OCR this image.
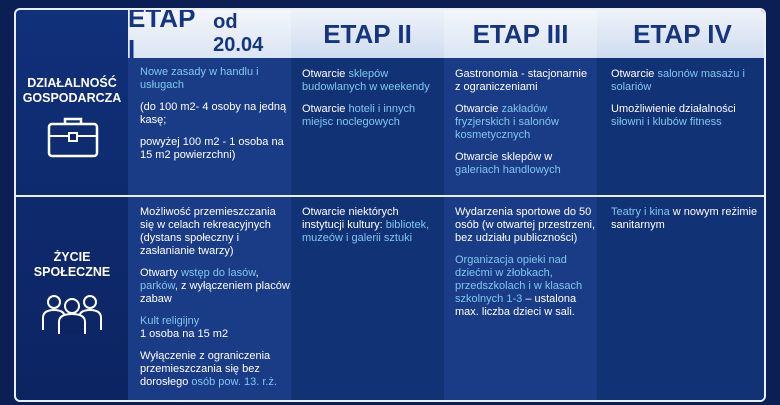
ETAP I
od 20.04	ETAP II ETAP III ETAP IV
DZIAŁALNOŚĆ
GOSPODARCZA

Nowe zasady w handlu i usługach

(do 100 m2- 4 osoby na jedną kasę;

powyżej 100 m2 - 1 osoba na 15 m2 powierzchni)

Otwarcie sklepów budowlanych w weekendy

Otwarcie hoteli i innych miejsc noclegowych

Gastronomia - stacjonarnie z ograniczeniami

Otwarcie zakładów fryzjerskich i salonów kosmetycznych

Otwarcie sklepów w galeriach handlowych

Otwarcie salonów masażu i solariów

Umożliwienie działalności siłowni i klubów fitness

ŻYCIE
SPOŁECZNE

Możliwość przemieszczania się w celach rekreacyjnych (dystans społeczny i zasłanianie twarzy)

Otwarty wstęp do lasów, parków, z wyłączeniem placów zabaw

Kult religijny
1 osoba na 15 m2

Wyłączenie z ograniczenia przemieszczania się bez dorosłego osób pow. 13. r.ż.

Otwarcie niektórych instytucji kultury: bibliotek, muzeów i galerii sztuki

Wydarzenia sportowe do 50 osób (w otwartej przestrzeni, bez udziału publiczności)

Organizacja opieki nad dziećmi w żłobkach, przedszkolach i w klasach szkolnych 1-3 – ustalona max. liczba dzieci w sali.

Teatry i kina w nowym reżimie sanitarnym
